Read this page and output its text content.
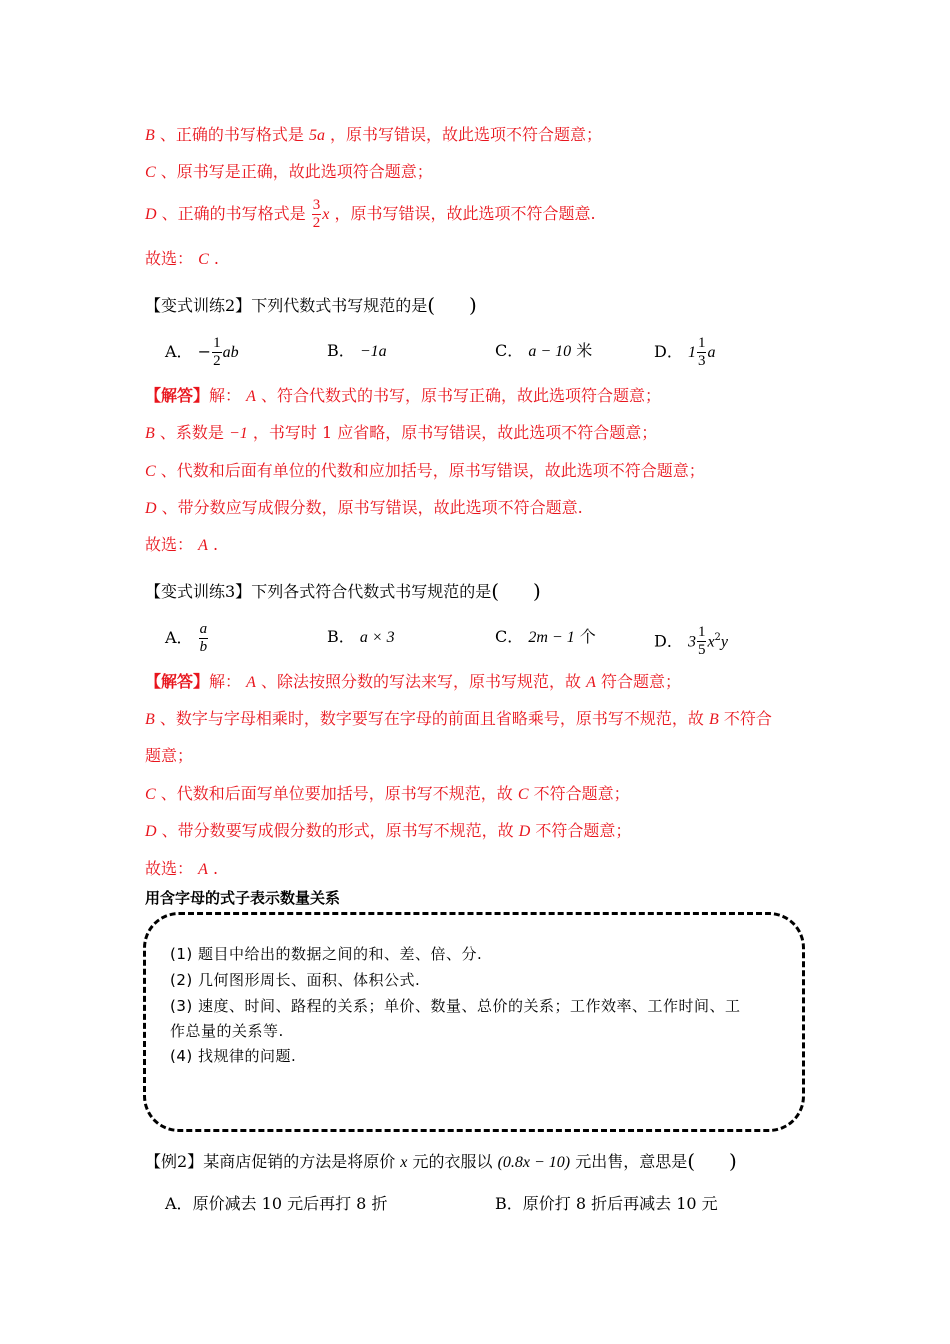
B 、正确的书写格式是 5a ，原书写错误，故此选项不符合题意；
C 、原书写是正确，故此选项符合题意；
D 、正确的书写格式是 $\frac{3}{2}$ x ，原书写错误，故此选项不符合题意.
故选： C .
【变式训练2】下列代数式书写规范的是( )
A． − $\frac{1}{2}$ ab	B． −1a	C． a − 10 米	D． $1 \frac{1}{3}$ a
【解答】解： A 、符合代数式的书写，原书写正确，故此选项符合题意；
B 、系数是 −1 ，书写时 1 应省略，原书写错误，故此选项不符合题意；
C 、代数和后面有单位的代数和应加括号，原书写错误，故此选项不符合题意；
D 、带分数应写成假分数，原书写错误，故此选项不符合题意.
故选： A .
【变式训练3】下列各式符合代数式书写规范的是( )
A． $\frac{a}{b}$	B． a × 3	C． 2m − 1 个	D． $3 \frac{1}{5} x^2y$
【解答】解： A 、除法按照分数的写法来写，原书写规范，故 A 符合题意；
B 、数字与字母相乘时，数字要写在字母的前面且省略乘号，原书写不规范，故 B 不符合
题意；
C 、代数和后面写单位要加括号，原书写不规范，故 C 不符合题意；
D 、带分数要写成假分数的形式，原书写不规范，故 D 不符合题意；
故选： A .
用含字母的式子表示数量关系
(1) 题目中给出的数据之间的和、差、倍、分.
(2) 几何图形周长、面积、体积公式.
(3) 速度、时间、路程的关系；单价、数量、总价的关系；工作效率、工作时间、工
作总量的关系等.
(4) 找规律的问题.
【例2】某商店促销的方法是将原价 x 元的衣服以 (0.8x − 10) 元出售，意思是( )
A．原价减去 10 元后再打 8 折	B．原价打 8 折后再减去 10 元
